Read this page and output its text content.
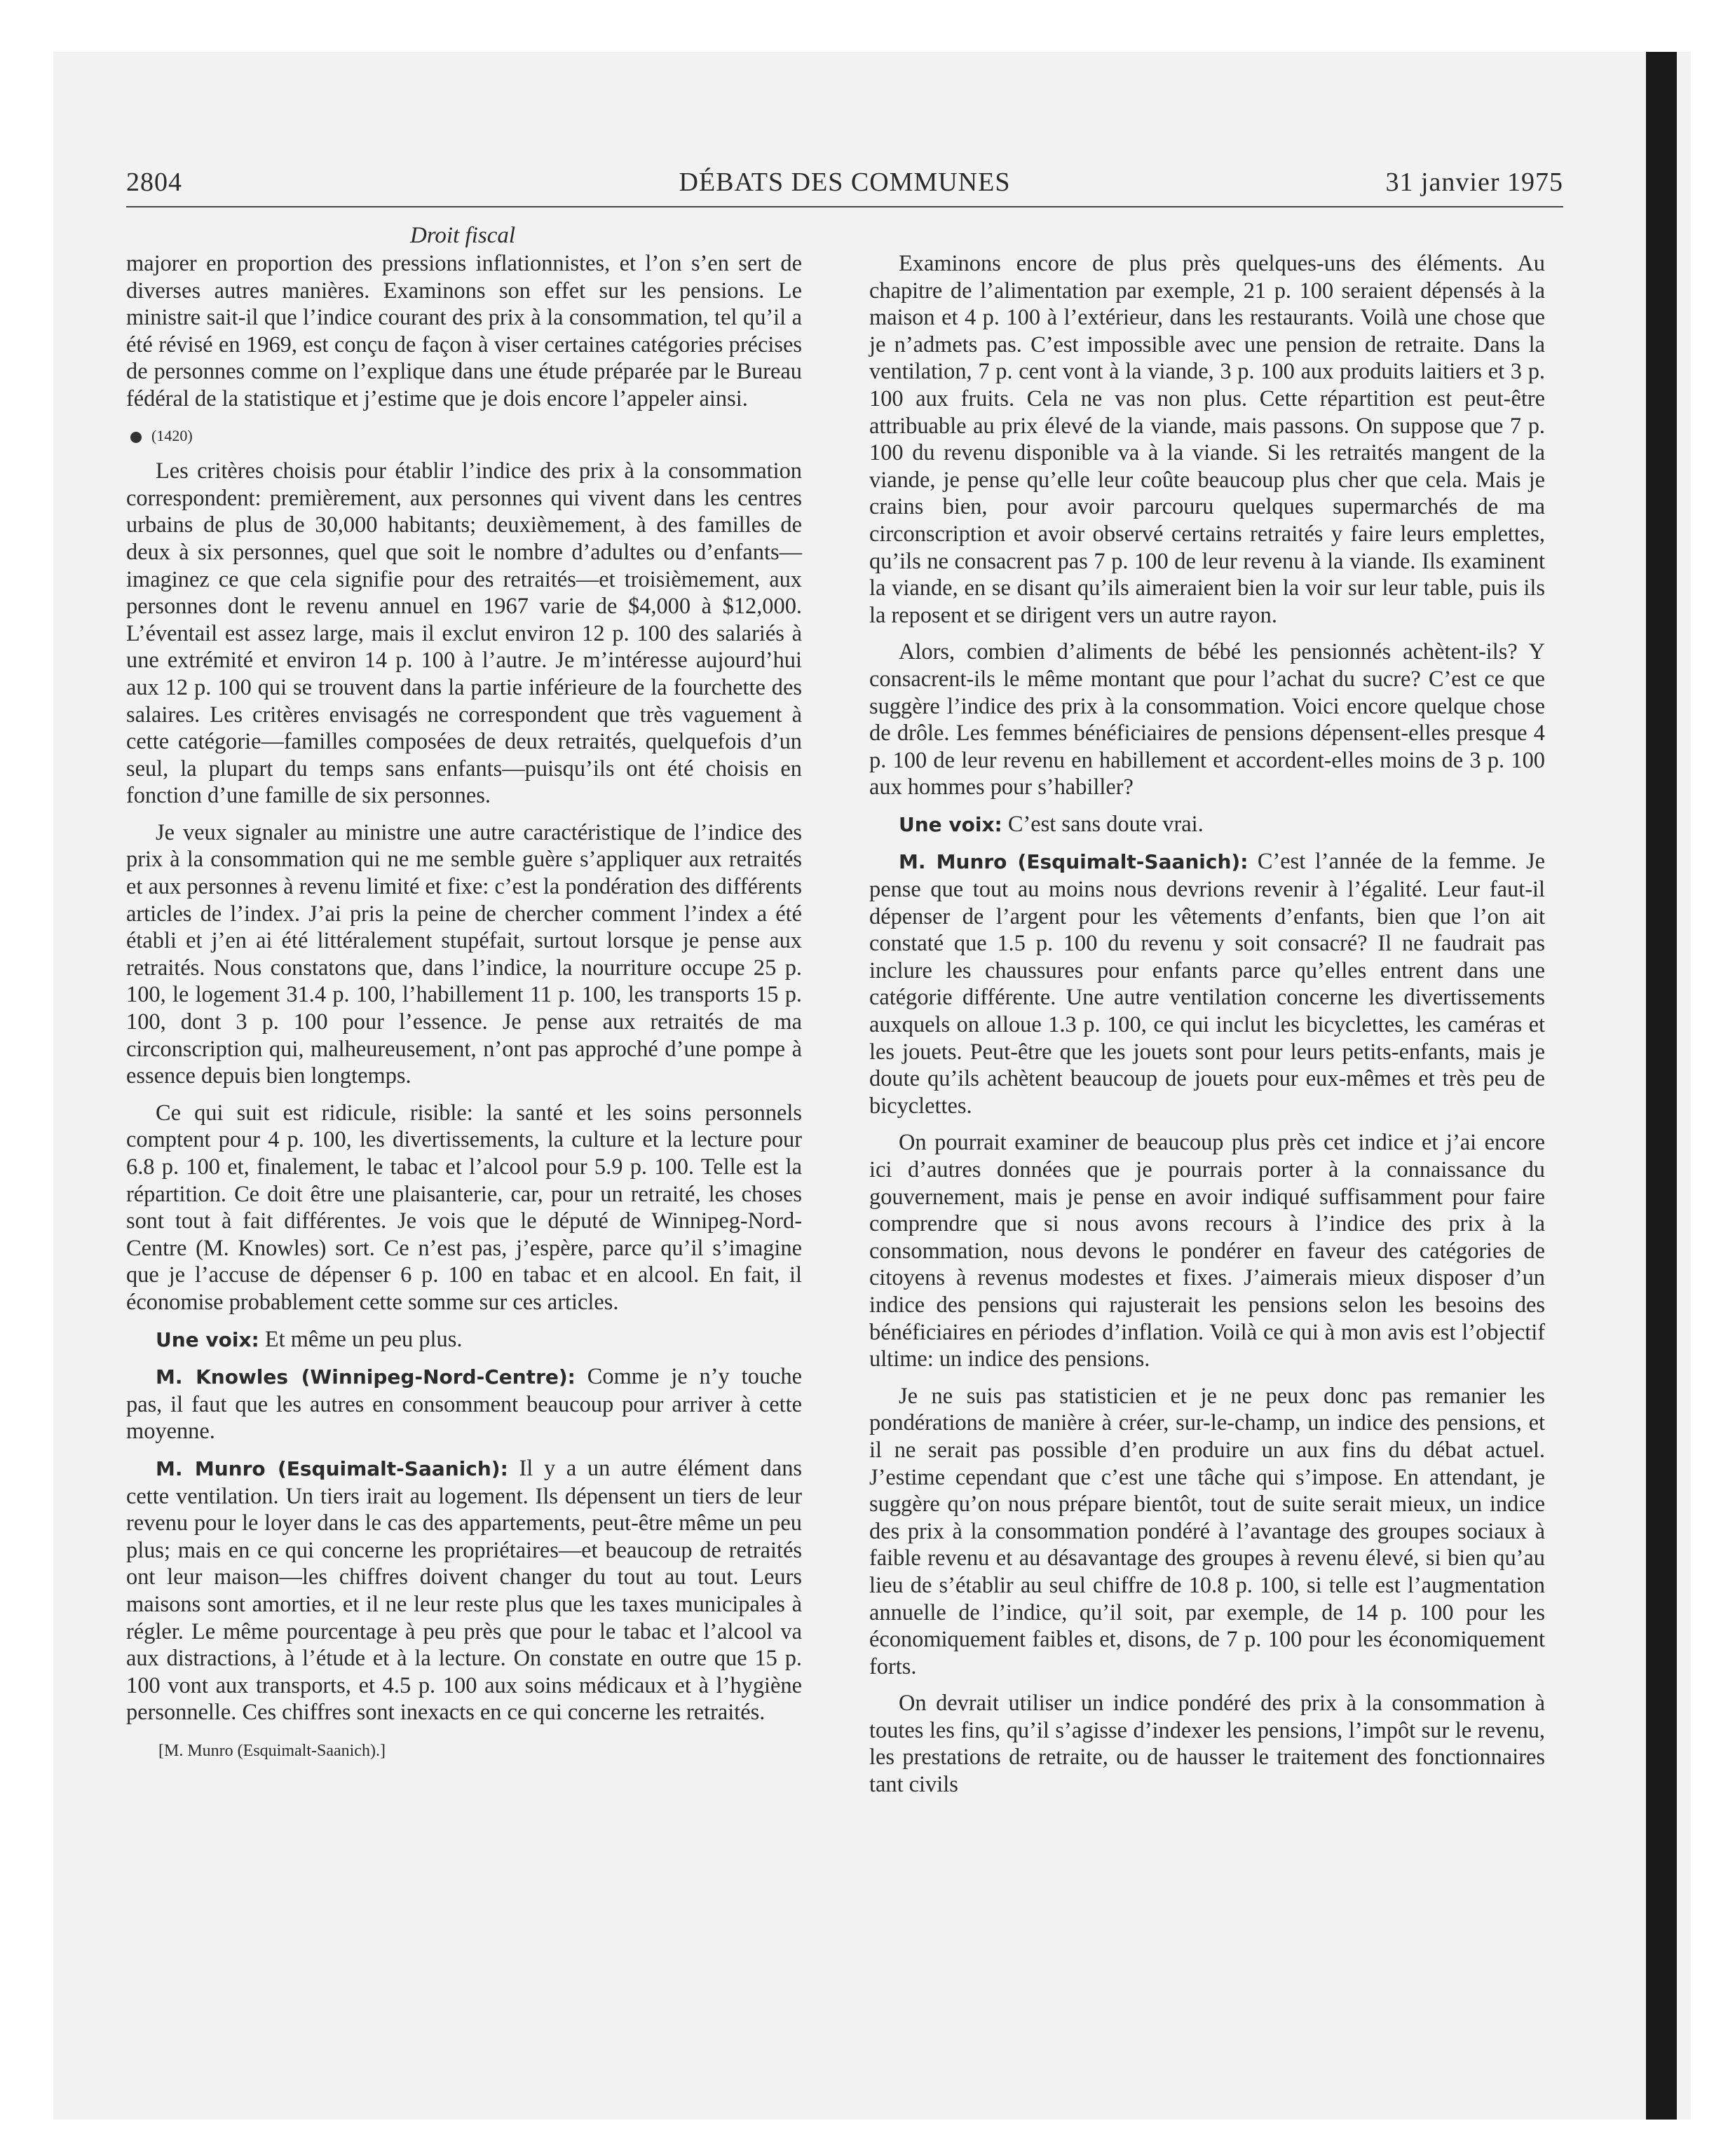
2804	DÉBATS DES COMMUNES	31 janvier 1975
Droit fiscal

majorer en proportion des pressions inflationnistes, et l’on s’en sert de diverses autres manières. Examinons son effet sur les pensions. Le ministre sait-il que l’indice courant des prix à la consommation, tel qu’il a été révisé en 1969, est conçu de façon à viser certaines catégories précises de personnes comme on l’explique dans une étude préparée par le Bureau fédéral de la statistique et j’estime que je dois encore l’appeler ainsi.

(1420)

Les critères choisis pour établir l’indice des prix à la consommation correspondent: premièrement, aux personnes qui vivent dans les centres urbains de plus de 30,000 habitants; deuxièmement, à des familles de deux à six personnes, quel que soit le nombre d’adultes ou d’enfants—imaginez ce que cela signifie pour des retraités—et troisièmement, aux personnes dont le revenu annuel en 1967 varie de $4,000 à $12,000. L’éventail est assez large, mais il exclut environ 12 p. 100 des salariés à une extrémité et environ 14 p. 100 à l’autre. Je m’intéresse aujourd’hui aux 12 p. 100 qui se trouvent dans la partie inférieure de la fourchette des salaires. Les critères envisagés ne correspondent que très vaguement à cette catégorie—familles composées de deux retraités, quelquefois d’un seul, la plupart du temps sans enfants—puisqu’ils ont été choisis en fonction d’une famille de six personnes.

Je veux signaler au ministre une autre caractéristique de l’indice des prix à la consommation qui ne me semble guère s’appliquer aux retraités et aux personnes à revenu limité et fixe: c’est la pondération des différents articles de l’index. J’ai pris la peine de chercher comment l’index a été établi et j’en ai été littéralement stupéfait, surtout lorsque je pense aux retraités. Nous constatons que, dans l’indice, la nourriture occupe 25 p. 100, le logement 31.4 p. 100, l’habillement 11 p. 100, les transports 15 p. 100, dont 3 p. 100 pour l’essence. Je pense aux retraités de ma circonscription qui, malheureusement, n’ont pas approché d’une pompe à essence depuis bien longtemps.

Ce qui suit est ridicule, risible: la santé et les soins personnels comptent pour 4 p. 100, les divertissements, la culture et la lecture pour 6.8 p. 100 et, finalement, le tabac et l’alcool pour 5.9 p. 100. Telle est la répartition. Ce doit être une plaisanterie, car, pour un retraité, les choses sont tout à fait différentes. Je vois que le député de Winnipeg-Nord-Centre (M. Knowles) sort. Ce n’est pas, j’espère, parce qu’il s’imagine que je l’accuse de dépenser 6 p. 100 en tabac et en alcool. En fait, il économise probablement cette somme sur ces articles.

Une voix: Et même un peu plus.

M. Knowles (Winnipeg-Nord-Centre): Comme je n’y touche pas, il faut que les autres en consomment beaucoup pour arriver à cette moyenne.

M. Munro (Esquimalt-Saanich): Il y a un autre élément dans cette ventilation. Un tiers irait au logement. Ils dépensent un tiers de leur revenu pour le loyer dans le cas des appartements, peut-être même un peu plus; mais en ce qui concerne les propriétaires—et beaucoup de retraités ont leur maison—les chiffres doivent changer du tout au tout. Leurs maisons sont amorties, et il ne leur reste plus que les taxes municipales à régler. Le même pourcentage à peu près que pour le tabac et l’alcool va aux distractions, à l’étude et à la lecture. On constate en outre que 15 p. 100 vont aux transports, et 4.5 p. 100 aux soins médicaux et à l’hygiène personnelle. Ces chiffres sont inexacts en ce qui concerne les retraités.

[M. Munro (Esquimalt-Saanich).]

Examinons encore de plus près quelques-uns des éléments. Au chapitre de l’alimentation par exemple, 21 p. 100 seraient dépensés à la maison et 4 p. 100 à l’extérieur, dans les restaurants. Voilà une chose que je n’admets pas. C’est impossible avec une pension de retraite. Dans la ventilation, 7 p. cent vont à la viande, 3 p. 100 aux produits laitiers et 3 p. 100 aux fruits. Cela ne vas non plus. Cette répartition est peut-être attribuable au prix élevé de la viande, mais passons. On suppose que 7 p. 100 du revenu disponible va à la viande. Si les retraités mangent de la viande, je pense qu’elle leur coûte beaucoup plus cher que cela. Mais je crains bien, pour avoir parcouru quelques supermarchés de ma circonscription et avoir observé certains retraités y faire leurs emplettes, qu’ils ne consacrent pas 7 p. 100 de leur revenu à la viande. Ils examinent la viande, en se disant qu’ils aimeraient bien la voir sur leur table, puis ils la reposent et se dirigent vers un autre rayon.

Alors, combien d’aliments de bébé les pensionnés achètent-ils? Y consacrent-ils le même montant que pour l’achat du sucre? C’est ce que suggère l’indice des prix à la consommation. Voici encore quelque chose de drôle. Les femmes bénéficiaires de pensions dépensent-elles presque 4 p. 100 de leur revenu en habillement et accordent-elles moins de 3 p. 100 aux hommes pour s’habiller?

Une voix: C’est sans doute vrai.

M. Munro (Esquimalt-Saanich): C’est l’année de la femme. Je pense que tout au moins nous devrions revenir à l’égalité. Leur faut-il dépenser de l’argent pour les vêtements d’enfants, bien que l’on ait constaté que 1.5 p. 100 du revenu y soit consacré? Il ne faudrait pas inclure les chaussures pour enfants parce qu’elles entrent dans une catégorie différente. Une autre ventilation concerne les divertissements auxquels on alloue 1.3 p. 100, ce qui inclut les bicyclettes, les caméras et les jouets. Peut-être que les jouets sont pour leurs petits-enfants, mais je doute qu’ils achètent beaucoup de jouets pour eux-mêmes et très peu de bicyclettes.

On pourrait examiner de beaucoup plus près cet indice et j’ai encore ici d’autres données que je pourrais porter à la connaissance du gouvernement, mais je pense en avoir indiqué suffisamment pour faire comprendre que si nous avons recours à l’indice des prix à la consommation, nous devons le pondérer en faveur des catégories de citoyens à revenus modestes et fixes. J’aimerais mieux disposer d’un indice des pensions qui rajusterait les pensions selon les besoins des bénéficiaires en périodes d’inflation. Voilà ce qui à mon avis est l’objectif ultime: un indice des pensions.

Je ne suis pas statisticien et je ne peux donc pas remanier les pondérations de manière à créer, sur-le-champ, un indice des pensions, et il ne serait pas possible d’en produire un aux fins du débat actuel. J’estime cependant que c’est une tâche qui s’impose. En attendant, je suggère qu’on nous prépare bientôt, tout de suite serait mieux, un indice des prix à la consommation pondéré à l’avantage des groupes sociaux à faible revenu et au désavantage des groupes à revenu élevé, si bien qu’au lieu de s’établir au seul chiffre de 10.8 p. 100, si telle est l’augmentation annuelle de l’indice, qu’il soit, par exemple, de 14 p. 100 pour les économiquement faibles et, disons, de 7 p. 100 pour les économiquement forts.

On devrait utiliser un indice pondéré des prix à la consommation à toutes les fins, qu’il s’agisse d’indexer les pensions, l’impôt sur le revenu, les prestations de retraite, ou de hausser le traitement des fonctionnaires tant civils
